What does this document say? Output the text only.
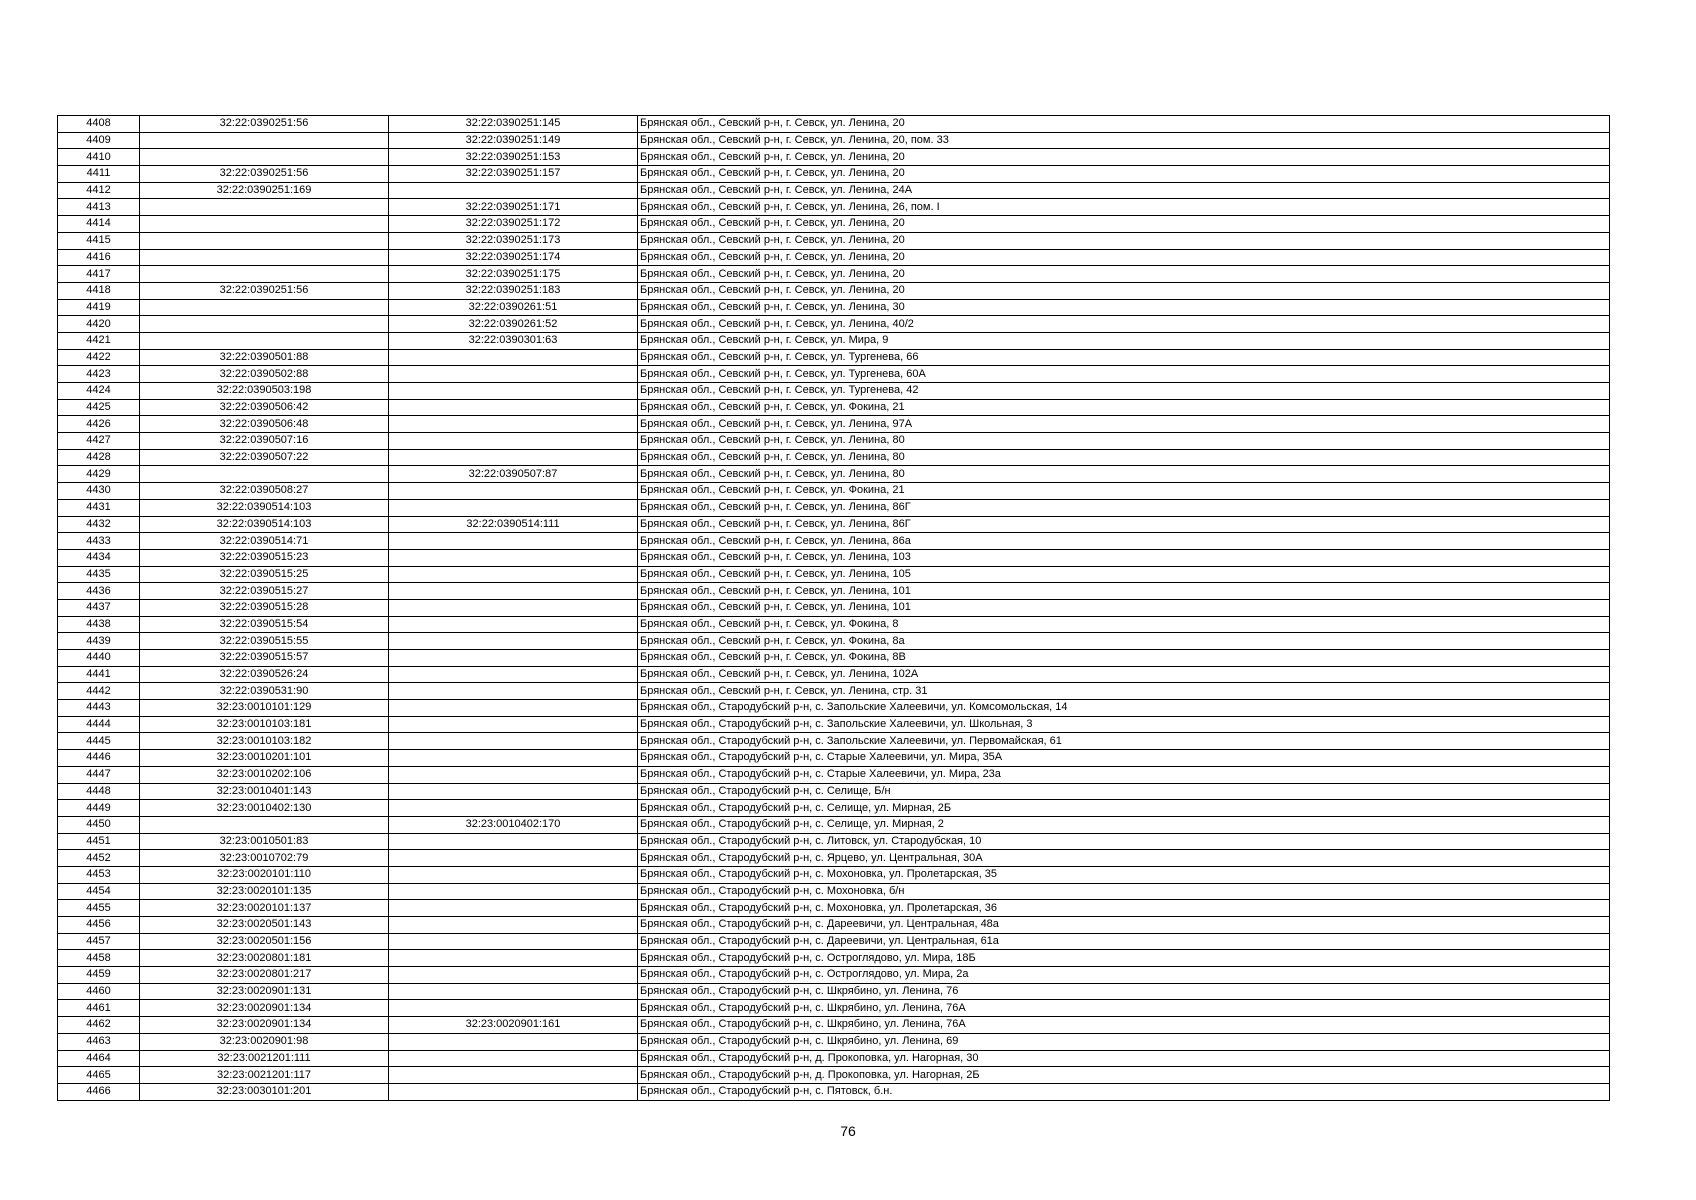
4408	32:22:0390251:56	32:22:0390251:145	Брянская обл., Севский р-н, г. Севск, ул. Ленина, 20
4409		32:22:0390251:149	Брянская обл., Севский р-н, г. Севск, ул. Ленина, 20, пом. 33
4410		32:22:0390251:153	Брянская обл., Севский р-н, г. Севск, ул. Ленина, 20
4411	32:22:0390251:56	32:22:0390251:157	Брянская обл., Севский р-н, г. Севск, ул. Ленина, 20
4412	32:22:0390251:169		Брянская обл., Севский р-н, г. Севск, ул. Ленина, 24А
4413		32:22:0390251:171	Брянская обл., Севский р-н, г. Севск, ул. Ленина, 26, пом. I
4414		32:22:0390251:172	Брянская обл., Севский р-н, г. Севск, ул. Ленина, 20
4415		32:22:0390251:173	Брянская обл., Севский р-н, г. Севск, ул. Ленина, 20
4416		32:22:0390251:174	Брянская обл., Севский р-н, г. Севск, ул. Ленина, 20
4417		32:22:0390251:175	Брянская обл., Севский р-н, г. Севск, ул. Ленина, 20
4418	32:22:0390251:56	32:22:0390251:183	Брянская обл., Севский р-н, г. Севск, ул. Ленина, 20
4419		32:22:0390261:51	Брянская обл., Севский р-н, г. Севск, ул. Ленина, 30
4420		32:22:0390261:52	Брянская обл., Севский р-н, г. Севск, ул. Ленина, 40/2
4421		32:22:0390301:63	Брянская обл., Севский р-н, г. Севск, ул. Мира, 9
4422	32:22:0390501:88		Брянская обл., Севский р-н, г. Севск, ул. Тургенева, 66
4423	32:22:0390502:88		Брянская обл., Севский р-н, г. Севск, ул. Тургенева, 60А
4424	32:22:0390503:198		Брянская обл., Севский р-н, г. Севск, ул. Тургенева, 42
4425	32:22:0390506:42		Брянская обл., Севский р-н, г. Севск, ул. Фокина, 21
4426	32:22:0390506:48		Брянская обл., Севский р-н, г. Севск, ул. Ленина, 97А
4427	32:22:0390507:16		Брянская обл., Севский р-н, г. Севск, ул. Ленина, 80
4428	32:22:0390507:22		Брянская обл., Севский р-н, г. Севск, ул. Ленина, 80
4429		32:22:0390507:87	Брянская обл., Севский р-н, г. Севск, ул. Ленина, 80
4430	32:22:0390508:27		Брянская обл., Севский р-н, г. Севск, ул. Фокина, 21
4431	32:22:0390514:103		Брянская обл., Севский р-н, г. Севск, ул. Ленина, 86Г
4432	32:22:0390514:103	32:22:0390514:111	Брянская обл., Севский р-н, г. Севск, ул. Ленина, 86Г
4433	32:22:0390514:71		Брянская обл., Севский р-н, г. Севск, ул. Ленина, 86а
4434	32:22:0390515:23		Брянская обл., Севский р-н, г. Севск, ул. Ленина, 103
4435	32:22:0390515:25		Брянская обл., Севский р-н, г. Севск, ул. Ленина, 105
4436	32:22:0390515:27		Брянская обл., Севский р-н, г. Севск, ул. Ленина, 101
4437	32:22:0390515:28		Брянская обл., Севский р-н, г. Севск, ул. Ленина, 101
4438	32:22:0390515:54		Брянская обл., Севский р-н, г. Севск, ул. Фокина, 8
4439	32:22:0390515:55		Брянская обл., Севский р-н, г. Севск, ул. Фокина, 8а
4440	32:22:0390515:57		Брянская обл., Севский р-н, г. Севск, ул. Фокина, 8В
4441	32:22:0390526:24		Брянская обл., Севский р-н, г. Севск, ул. Ленина, 102А
4442	32:22:0390531:90		Брянская обл., Севский р-н, г. Севск, ул. Ленина, стр. 31
4443	32:23:0010101:129		Брянская обл., Стародубский р-н, с. Запольские Халеевичи, ул. Комсомольская, 14
4444	32:23:0010103:181		Брянская обл., Стародубский р-н, с. Запольские Халеевичи, ул. Школьная, 3
4445	32:23:0010103:182		Брянская обл., Стародубский р-н, с. Запольские Халеевичи, ул. Первомайская, 61
4446	32:23:0010201:101		Брянская обл., Стародубский р-н, с. Старые Халеевичи, ул. Мира, 35А
4447	32:23:0010202:106		Брянская обл., Стародубский р-н, с. Старые Халеевичи, ул. Мира, 23а
4448	32:23:0010401:143		Брянская обл., Стародубский р-н, с. Селище, Б/н
4449	32:23:0010402:130		Брянская обл., Стародубский р-н, с. Селище, ул. Мирная, 2Б
4450		32:23:0010402:170	Брянская обл., Стародубский р-н, с. Селище, ул. Мирная, 2
4451	32:23:0010501:83		Брянская обл., Стародубский р-н, с. Литовск, ул. Стародубская, 10
4452	32:23:0010702:79		Брянская обл., Стародубский р-н, с. Ярцево, ул. Центральная, 30А
4453	32:23:0020101:110		Брянская обл., Стародубский р-н, с. Мохоновка, ул. Пролетарская, 35
4454	32:23:0020101:135		Брянская обл., Стародубский р-н, с. Мохоновка, б/н
4455	32:23:0020101:137		Брянская обл., Стародубский р-н, с. Мохоновка, ул. Пролетарская, 36
4456	32:23:0020501:143		Брянская обл., Стародубский р-н, с. Дареевичи, ул. Центральная, 48а
4457	32:23:0020501:156		Брянская обл., Стародубский р-н, с. Дареевичи, ул. Центральная, 61а
4458	32:23:0020801:181		Брянская обл., Стародубский р-н, с. Остроглядово, ул. Мира, 18Б
4459	32:23:0020801:217		Брянская обл., Стародубский р-н, с. Остроглядово, ул. Мира, 2а
4460	32:23:0020901:131		Брянская обл., Стародубский р-н, с. Шкрябино, ул. Ленина, 76
4461	32:23:0020901:134		Брянская обл., Стародубский р-н, с. Шкрябино, ул. Ленина, 76А
4462	32:23:0020901:134	32:23:0020901:161	Брянская обл., Стародубский р-н, с. Шкрябино, ул. Ленина, 76А
4463	32:23:0020901:98		Брянская обл., Стародубский р-н, с. Шкрябино, ул. Ленина, 69
4464	32:23:0021201:111		Брянская обл., Стародубский р-н, д. Прокоповка, ул. Нагорная, 30
4465	32:23:0021201:117		Брянская обл., Стародубский р-н, д. Прокоповка, ул. Нагорная, 2Б
4466	32:23:0030101:201		Брянская обл., Стародубский р-н, с. Пятовск, б.н.
76
